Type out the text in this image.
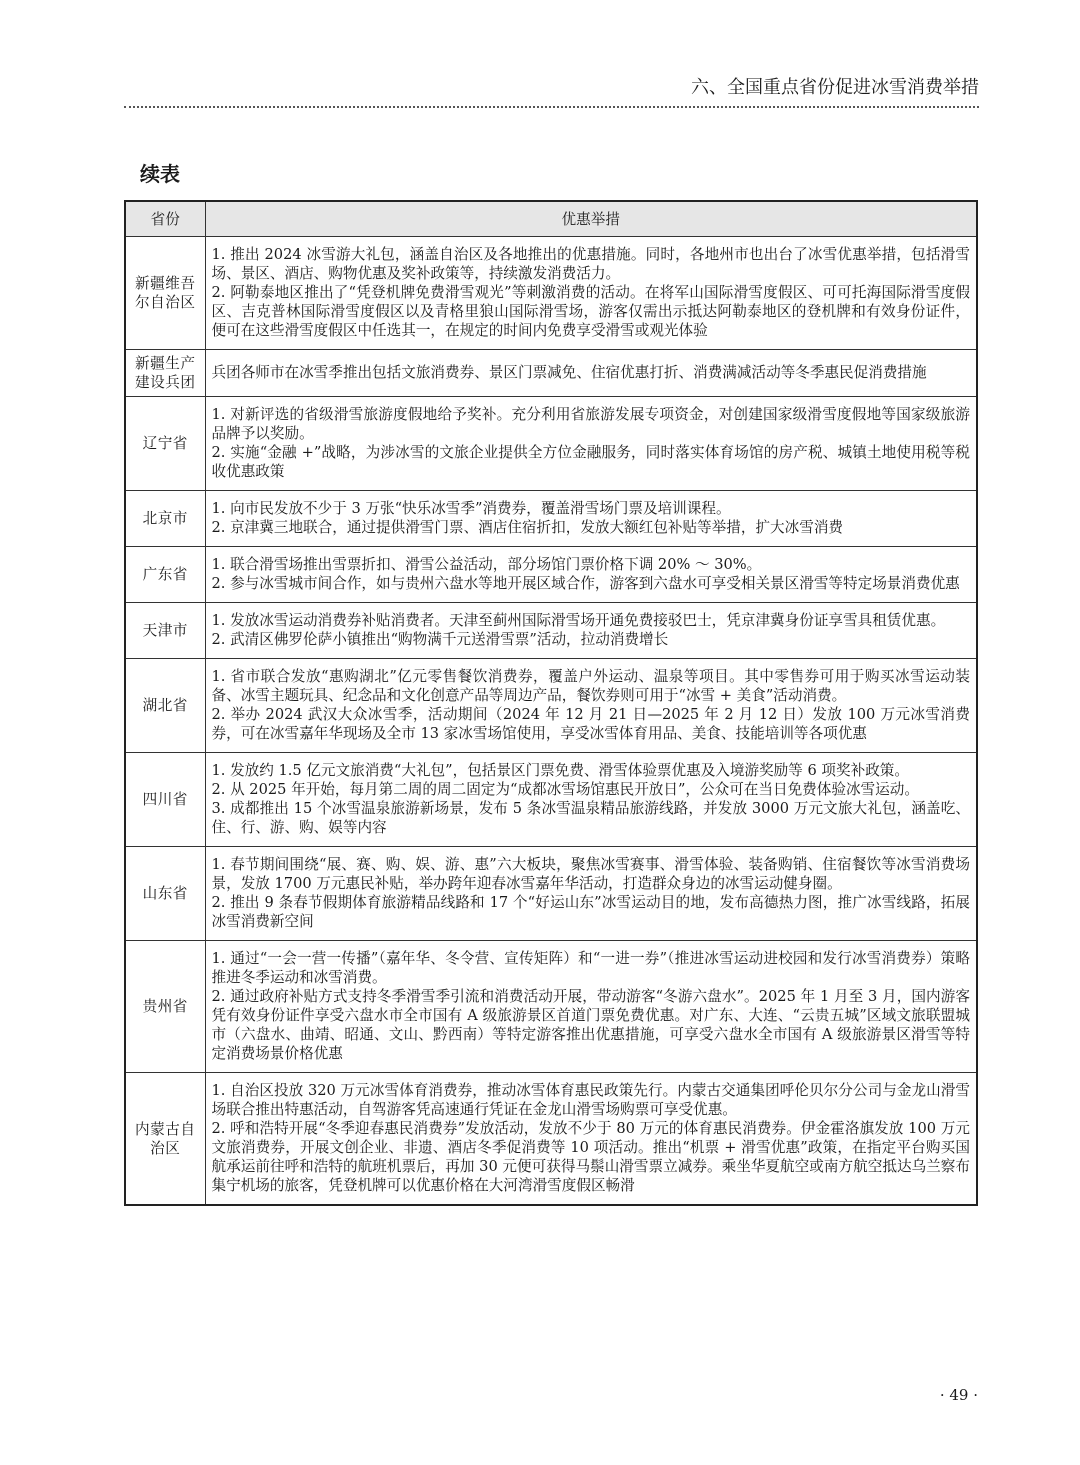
六、全国重点省份促进冰雪消费举措
续表
省份	优惠举措
新疆维吾尔自治区	1. 推出 2024 冰雪游大礼包，涵盖自治区及各地推出的优惠措施。同时，各地州市也出台了冰雪优惠举措，包括滑雪场、景区、酒店、购物优惠及奖补政策等，持续激发消费活力。
2. 阿勒泰地区推出了“凭登机牌免费滑雪观光”等刺激消费的活动。在将军山国际滑雪度假区、可可托海国际滑雪度假区、吉克普林国际滑雪度假区以及青格里狼山国际滑雪场，游客仅需出示抵达阿勒泰地区的登机牌和有效身份证件，便可在这些滑雪度假区中任选其一，在规定的时间内免费享受滑雪或观光体验

新疆生产建设兵团	兵团各师市在冰雪季推出包括文旅消费券、景区门票减免、住宿优惠打折、消费满减活动等冬季惠民促消费措施

辽宁省	1. 对新评选的省级滑雪旅游度假地给予奖补。充分利用省旅游发展专项资金，对创建国家级滑雪度假地等国家级旅游品牌予以奖励。
2. 实施“金融 +”战略，为涉冰雪的文旅企业提供全方位金融服务，同时落实体育场馆的房产税、城镇土地使用税等税收优惠政策

北京市	1. 向市民发放不少于 3 万张“快乐冰雪季”消费券，覆盖滑雪场门票及培训课程。
2. 京津冀三地联合，通过提供滑雪门票、酒店住宿折扣，发放大额红包补贴等举措，扩大冰雪消费

广东省	1. 联合滑雪场推出雪票折扣、滑雪公益活动，部分场馆门票价格下调 20% ～ 30%。
2. 参与冰雪城市间合作，如与贵州六盘水等地开展区域合作，游客到六盘水可享受相关景区滑雪等特定场景消费优惠

天津市	1. 发放冰雪运动消费券补贴消费者。天津至蓟州国际滑雪场开通免费接驳巴士，凭京津冀身份证享雪具租赁优惠。
2. 武清区佛罗伦萨小镇推出“购物满千元送滑雪票”活动，拉动消费增长

湖北省	1. 省市联合发放“惠购湖北”亿元零售餐饮消费券，覆盖户外运动、温泉等项目。其中零售券可用于购买冰雪运动装备、冰雪主题玩具、纪念品和文化创意产品等周边产品，餐饮券则可用于“冰雪 + 美食”活动消费。
2. 举办 2024 武汉大众冰雪季，活动期间（2024 年 12 月 21 日—2025 年 2 月 12 日）发放 100 万元冰雪消费券，可在冰雪嘉年华现场及全市 13 家冰雪场馆使用，享受冰雪体育用品、美食、技能培训等各项优惠

四川省	1. 发放约 1.5 亿元文旅消费“大礼包”，包括景区门票免费、滑雪体验票优惠及入境游奖励等 6 项奖补政策。
2. 从 2025 年开始，每月第二周的周二固定为“成都冰雪场馆惠民开放日”，公众可在当日免费体验冰雪运动。
3. 成都推出 15 个冰雪温泉旅游新场景，发布 5 条冰雪温泉精品旅游线路，并发放 3000 万元文旅大礼包，涵盖吃、住、行、游、购、娱等内容

山东省	1. 春节期间围绕“展、赛、购、娱、游、惠”六大板块，聚焦冰雪赛事、滑雪体验、装备购销、住宿餐饮等冰雪消费场景，发放 1700 万元惠民补贴，举办跨年迎春冰雪嘉年华活动，打造群众身边的冰雪运动健身圈。
2. 推出 9 条春节假期体育旅游精品线路和 17 个“好运山东”冰雪运动目的地，发布高德热力图，推广冰雪线路，拓展冰雪消费新空间

贵州省	1. 通过“一会一营一传播”（嘉年华、冬令营、宣传矩阵）和“一进一券”（推进冰雪运动进校园和发行冰雪消费券）策略推进冬季运动和冰雪消费。
2. 通过政府补贴方式支持冬季滑雪季引流和消费活动开展，带动游客“冬游六盘水”。2025 年 1 月至 3 月，国内游客凭有效身份证件享受六盘水市全市国有 A 级旅游景区首道门票免费优惠。对广东、大连、“云贵五城”区域文旅联盟城市（六盘水、曲靖、昭通、文山、黔西南）等特定游客推出优惠措施，可享受六盘水全市国有 A 级旅游景区滑雪等特定消费场景价格优惠

内蒙古自治区	1. 自治区投放 320 万元冰雪体育消费券，推动冰雪体育惠民政策先行。内蒙古交通集团呼伦贝尔分公司与金龙山滑雪场联合推出特惠活动，自驾游客凭高速通行凭证在金龙山滑雪场购票可享受优惠。
2. 呼和浩特开展“冬季迎春惠民消费券”发放活动，发放不少于 80 万元的体育惠民消费券。伊金霍洛旗发放 100 万元文旅消费券，开展文创企业、非遗、酒店冬季促消费等 10 项活动。推出“机票 + 滑雪优惠”政策，在指定平台购买国航承运前往呼和浩特的航班机票后，再加 30 元便可获得马鬃山滑雪票立减券。乘坐华夏航空或南方航空抵达乌兰察布集宁机场的旅客，凭登机牌可以优惠价格在大河湾滑雪度假区畅滑
· 49 ·
